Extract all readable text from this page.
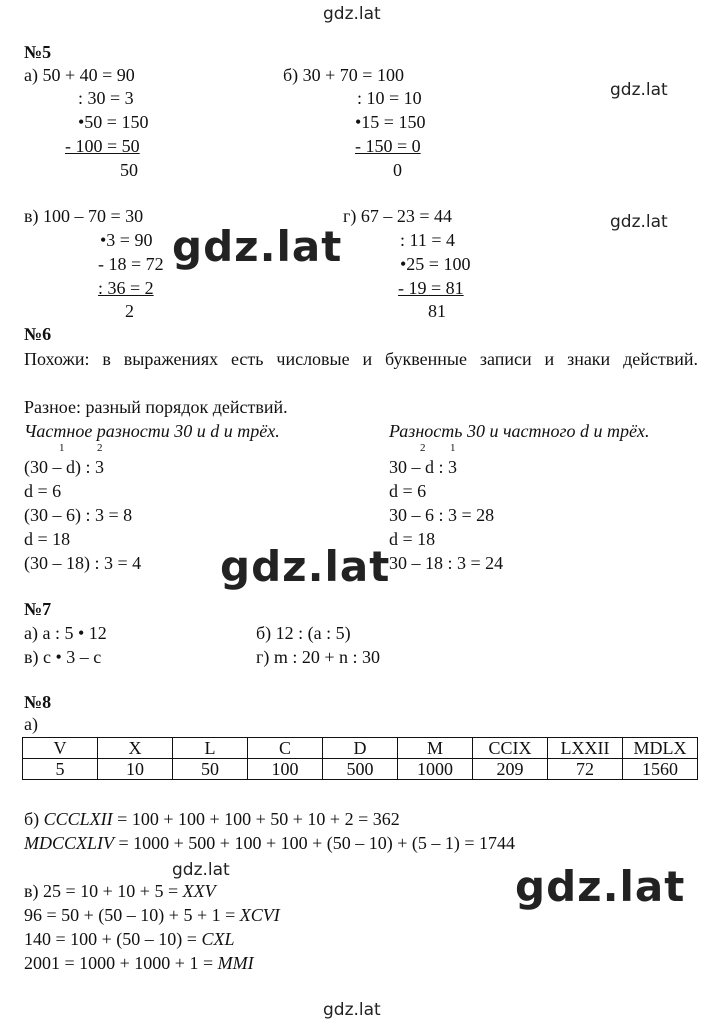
gdz.lat
gdz.lat
gdz.lat
gdz.lat
gdz.lat
gdz.lat	gdz.lat
gdz.lat
№5
а) 50 + 40 = 90
: 30 = 3
•50 = 150
- 100 = 50
50
б) 30 + 70 = 100
: 10 = 10
•15 = 150
- 150 = 0
0
в) 100 – 70 = 30
•3 = 90
- 18 = 72
: 36 = 2
2
г) 67 – 23 = 44
: 11 = 4
•25 = 100
- 19 = 81
81
№6
Похожи: в выражениях есть числовые и буквенные записи и знаки действий.
Разное: разный порядок действий.
Частное разности 30 и d и трёх.	Разность 30 и частного d и трёх.
1	2	2 1
(30 – d) : 3
d = 6
(30 – 6) : 3 = 8
d = 18
(30 – 18) : 3 = 4
30 – d : 3
d = 6
30 – 6 : 3 = 28
d = 18
30 – 18 : 3 = 24
№7
а) a : 5 • 12	б) 12 : (a : 5)
в) c • 3 – c	г) m : 20 + n : 30
№8
а)
V	X	L	C	D	M	CCIX	LXXII	MDLX
5	10	50	100	500	1000	209	72	1560
б) CCCLXII = 100 + 100 + 100 + 50 + 10 + 2 = 362
MDCCXLIV = 1000 + 500 + 100 + 100 + (50 – 10) + (5 – 1) = 1744
в) 25 = 10 + 10 + 5 = XXV
96 = 50 + (50 – 10) + 5 + 1 = XCVI
140 = 100 + (50 – 10) = CXL
2001 = 1000 + 1000 + 1 = MMI
